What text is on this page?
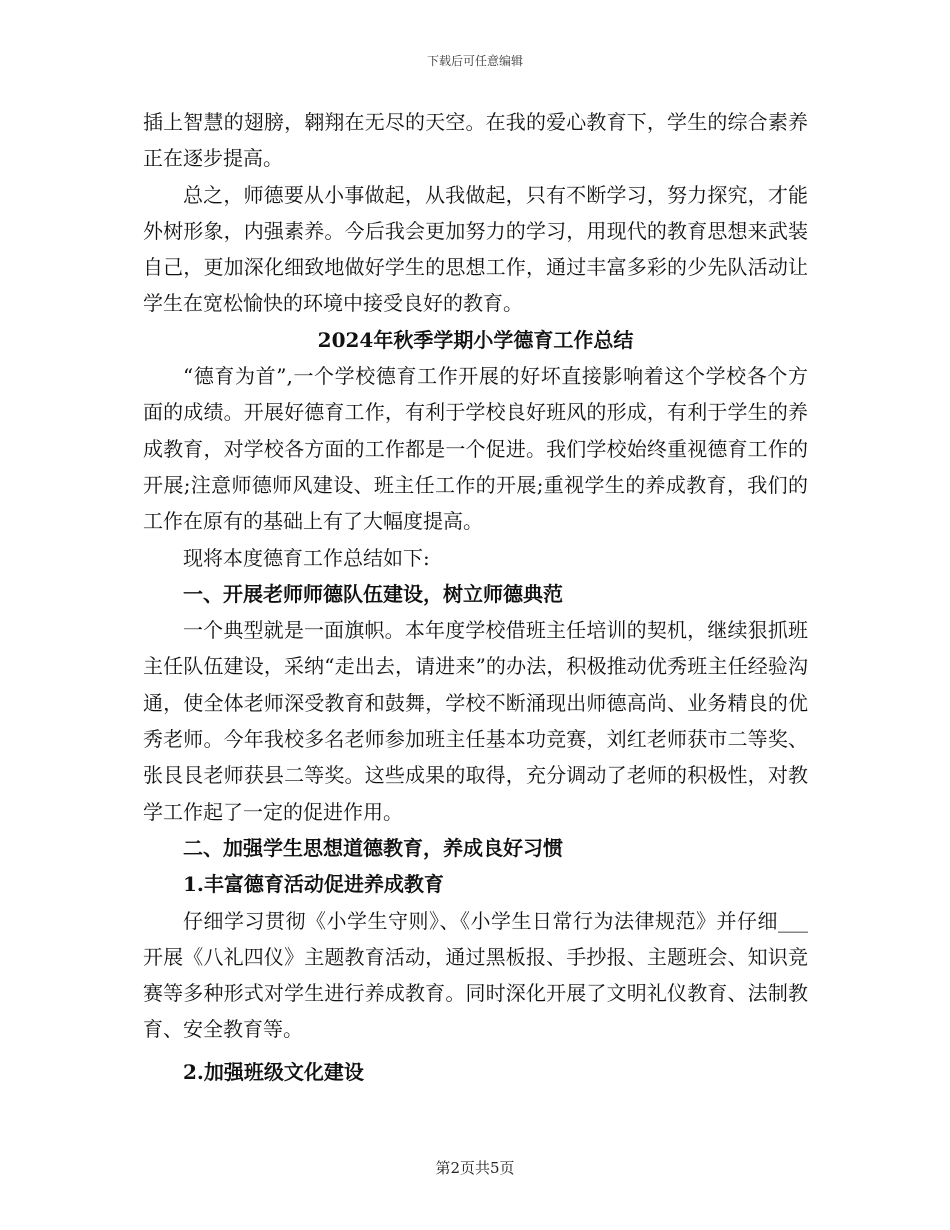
下载后可任意编辑

插上智慧的翅膀，翱翔在无尽的天空。在我的爱心教育下，学生的综合素养正在逐步提高。

总之，师德要从小事做起，从我做起，只有不断学习，努力探究，才能外树形象，内强素养。今后我会更加努力的学习，用现代的教育思想来武装自己，更加深化细致地做好学生的思想工作，通过丰富多彩的少先队活动让学生在宽松愉快的环境中接受良好的教育。

2024年秋季学期小学德育工作总结

“德育为首”,一个学校德育工作开展的好坏直接影响着这个学校各个方面的成绩。开展好德育工作，有利于学校良好班风的形成，有利于学生的养成教育，对学校各方面的工作都是一个促进。我们学校始终重视德育工作的开展;注意师德师风建设、班主任工作的开展;重视学生的养成教育，我们的工作在原有的基础上有了大幅度提高。

现将本度德育工作总结如下:

一、开展老师师德队伍建设，树立师德典范

一个典型就是一面旗帜。本年度学校借班主任培训的契机，继续狠抓班主任队伍建设，采纳“走出去，请进来”的办法，积极推动优秀班主任经验沟通，使全体老师深受教育和鼓舞，学校不断涌现出师德高尚、业务精良的优秀老师。今年我校多名老师参加班主任基本功竞赛，刘红老师获市二等奖、张艮艮老师获县二等奖。这些成果的取得，充分调动了老师的积极性，对教学工作起了一定的促进作用。

二、加强学生思想道德教育，养成良好习惯

1.丰富德育活动促进养成教育

仔细学习贯彻《小学生守则》、《小学生日常行为法律规范》并仔细___开展《八礼四仪》主题教育活动，通过黑板报、手抄报、主题班会、知识竞赛等多种形式对学生进行养成教育。同时深化开展了文明礼仪教育、法制教育、安全教育等。

2.加强班级文化建设

第2页共5页
